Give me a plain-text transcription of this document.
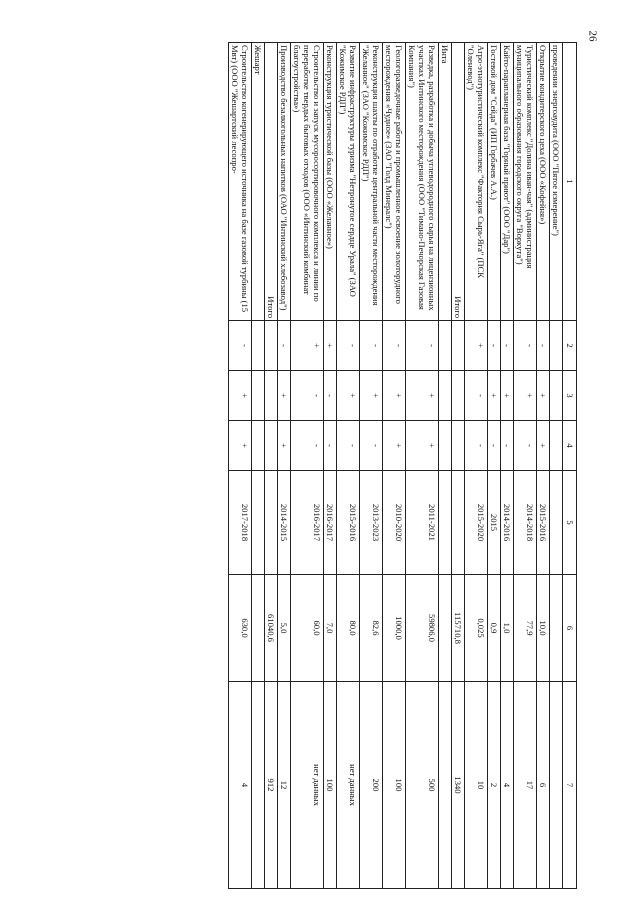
26
1	2	3	4	5	6	7
проведении энергоаудита (ООО "Пятое измерение")						
Открытие кондитерского цеха (ООО «Кофейня»)	-	+	+	2015-2016	10,0	6
Туристический комплекс "Долина иван-чая" (администрация муниципального образования городского округа "Воркута")	-	+	-	2014-2018	77,9	17
Кайто-парапланерная база "Горный приют" (ООО "Дар")	-	+	-	2014-2016	1,0	4
Гостевой дом "Сейда" (ИП Горбачев А.А.)	-	+	-	2015	0,9	2
Агро-этнотуристический комплекс "Фактория Сырь-Яга" (ПСК "Оленевод")	+	-	-	2015-2020	0,025	10
Итого					115710,8	1340
Инта						
Разведка, разработка и добыча углеводородного сырья на лицензионных участках Интинского месторождения (ООО "Тимано-Печорская Газовая Компания")	-	+	+	2011-2021	59806,0	500
Геологоразведочные работы и промышленное освоение золоторудного месторождения «Чудное» (ЗАО "Голд Минералс")	-	+	+	2010-2020	1000,0	100
Реконструкция шахты по отработке центральной части месторождения "Желанное" (ЗАО "Кожимское РДП")	-	+	-	2013-2023	82,6	200
Развитие инфраструктуры туризма "Нетронутое сердце Урала" (ЗАО "Кожимское РДП")	-	+	-	2015-2016	80,0	нет данных
Реконструкция туристической базы (ООО «Желанное»)	+	-	-	2016-2017	7,0	100
Строительство и запуск мусоросортировочного комплекса и линии по переработке твердых бытовых отходов (ООО «Интинский комбинат благоустройства»)	+	-	-	2016-2017	60,0	нет данных
Производство безалкогольных напитков (ОАО "Интинский хлебозавод")	-	+	+	2014-2015	5,0	12
Итого					61040,6	912
Жешарт						
Строительство когенерирующего источника на базе газовой турбины (15 Мвт) (ООО "Жешартский лесопро-	-	+	+	2017-2018	630,0	4
